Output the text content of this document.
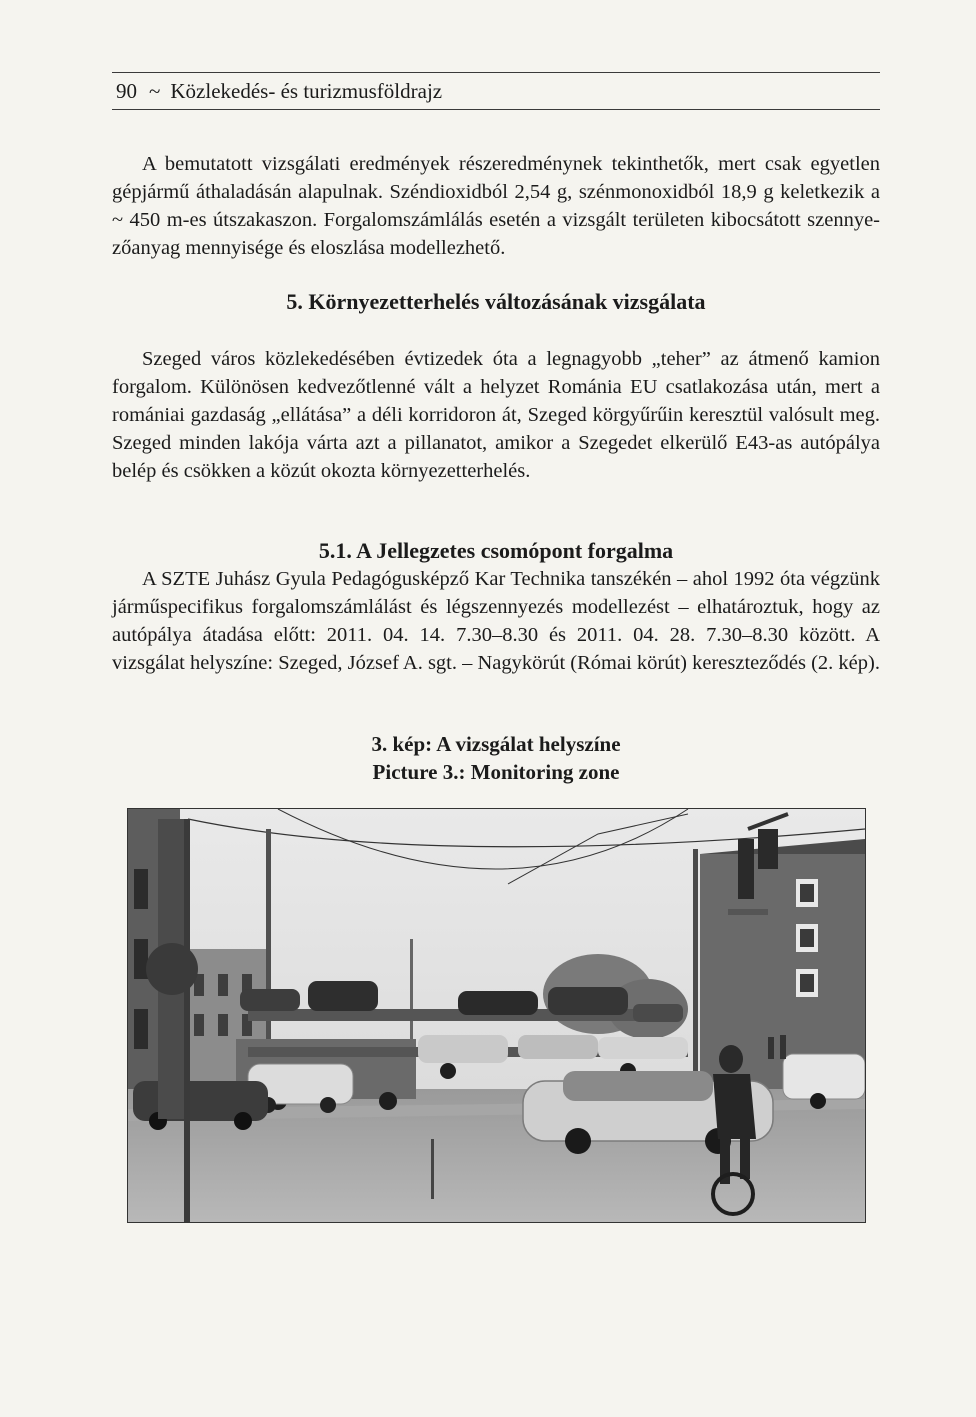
90 ~ Közlekedés- és turizmusföldrajz

A bemutatott vizsgálati eredmények részeredménynek tekinthetők, mert csak egyetlen gépjármű áthaladásán alapulnak. Széndioxidból 2,54 g, szénmonoxidból 18,9 g keletkezik a ~ 450 m-es útszakaszon. Forgalomszámlálás esetén a vizsgált területen kibocsátott szennye-zőanyag mennyisége és eloszlása modellezhető.

5. Környezetterhelés változásának vizsgálata

Szeged város közlekedésében évtizedek óta a legnagyobb „teher” az átmenő kamion forgalom. Különösen kedvezőtlenné vált a helyzet Románia EU csatlakozása után, mert a romániai gazdaság „ellátása” a déli korridoron át, Szeged körgyűrűin keresztül valósult meg. Szeged minden lakója várta azt a pillanatot, amikor a Szegedet elkerülő E43-as autópálya belép és csökken a közút okozta környezetterhelés.

5.1. A Jellegzetes csomópont forgalma

A SZTE Juhász Gyula Pedagógusképző Kar Technika tanszékén – ahol 1992 óta végzünk járműspecifikus forgalomszámlálást és légszennyezés modellezést – elhatároztuk, hogy az autópálya átadása előtt: 2011. 04. 14. 7.30–8.30 és 2011. 04. 28. 7.30–8.30 között. A vizsgálat helyszíne: Szeged, József A. sgt. – Nagykörút (Római körút) kereszteződés (2. kép).

3. kép: A vizsgálat helyszíne
Picture 3.: Monitoring zone
